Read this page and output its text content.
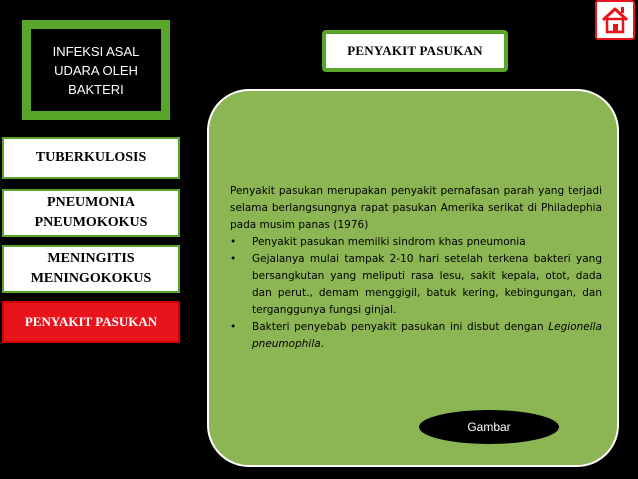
INFEKSI ASAL
UDARA OLEH
BAKTERI
TUBERKULOSIS
PNEUMONIA
PNEUMOKOKUS
MENINGITIS
MENINGOKOKUS
PENYAKIT PASUKAN
PENYAKIT PASUKAN

Penyakit pasukan merupakan penyakit pernafasan parah yang terjadi selama berlangsungnya rapat pasukan Amerika serikat di Philadephia pada musim panas (1976)

• Penyakit pasukan memilki sindrom khas pneumonia
• Gejalanya mulai tampak 2-10 hari setelah terkena bakteri yang bersangkutan yang meliputi rasa lesu, sakit kepala, otot, dada dan perut., demam menggigil, batuk kering, kebingungan, dan terganggunya fungsi ginjal.
• Bakteri penyebab penyakit pasukan ini disbut dengan Legionella pneumophila.
Gambar
